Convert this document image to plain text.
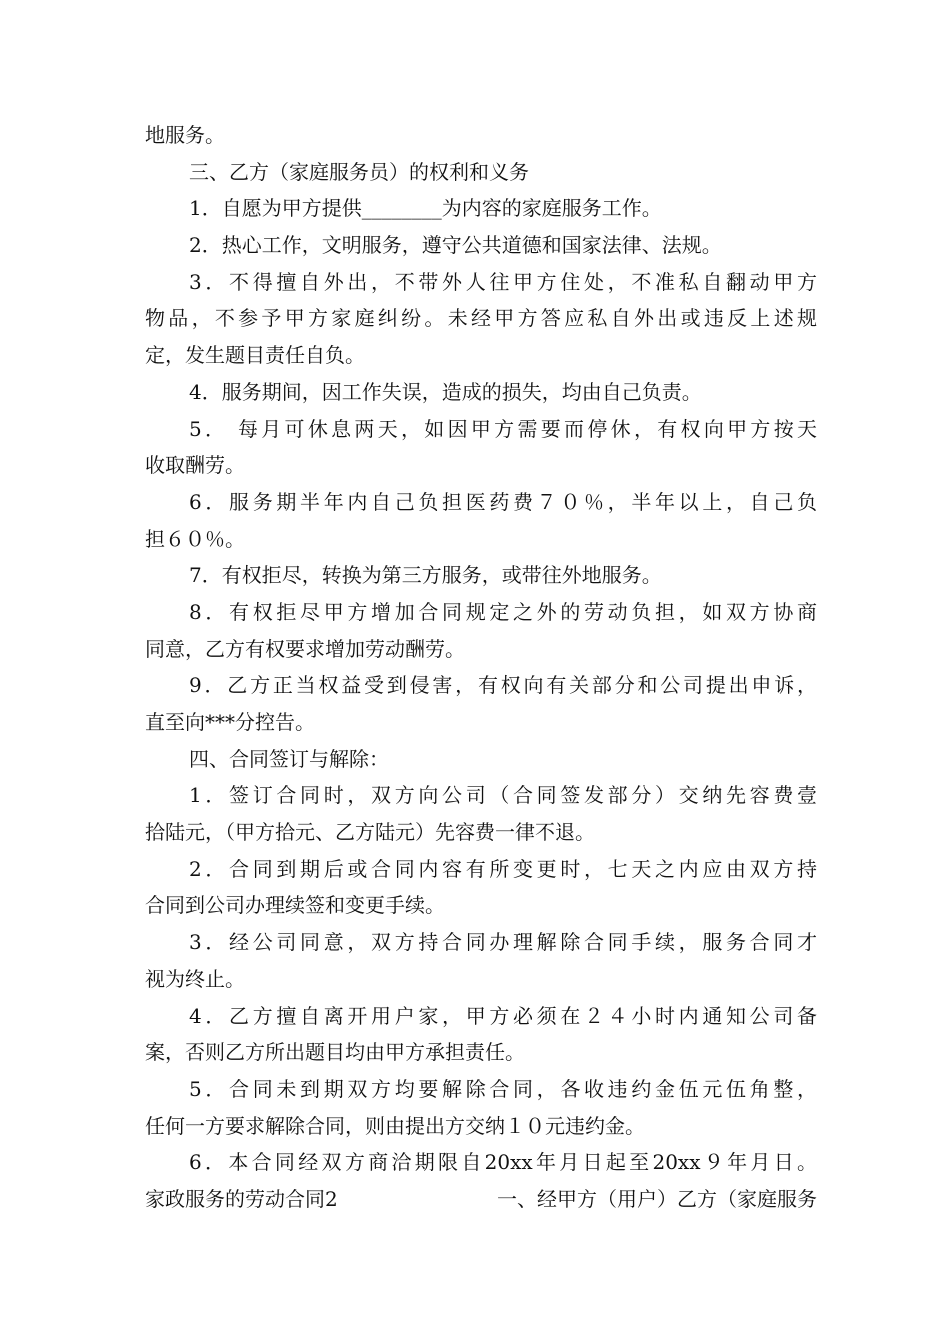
地服务。
三、乙方（家庭服务员）的权利和义务
1．自愿为甲方提供________为内容的家庭服务工作。
2．热心工作，文明服务，遵守公共道德和国家法律、法规。
3．不得擅自外出，不带外人往甲方住处，不准私自翻动甲方
物品，不参予甲方家庭纠纷。未经甲方答应私自外出或违反上述规
定，发生题目责任自负。
4．服务期间，因工作失误，造成的损失，均由自己负责。
5． 每月可休息两天，如因甲方需要而停休，有权向甲方按天
收取酬劳。
6．服务期半年内自己负担医药费７０％，半年以上，自己负
担６０％。
7．有权拒尽，转换为第三方服务，或带往外地服务。
8．有权拒尽甲方增加合同规定之外的劳动负担，如双方协商
同意，乙方有权要求增加劳动酬劳。
9．乙方正当权益受到侵害，有权向有关部分和公司提出申诉，
直至向***分控告。
四、合同签订与解除：
1．签订合同时，双方向公司（合同签发部分）交纳先容费壹
拾陆元，（甲方拾元、乙方陆元）先容费一律不退。
2．合同到期后或合同内容有所变更时，七天之内应由双方持
合同到公司办理续签和变更手续。
3．经公司同意，双方持合同办理解除合同手续，服务合同才
视为终止。
4．乙方擅自离开用户家，甲方必须在２４小时内通知公司备
案，否则乙方所出题目均由甲方承担责任。
5．合同未到期双方均要解除合同，各收违约金伍元伍角整，
任何一方要求解除合同，则由提出方交纳１０元违约金。
6．本合同经双方商洽期限自20xx年月日起至20xx９年月日。
家政服务的劳动合同2	一、经甲方（用户）乙方（家庭服务
